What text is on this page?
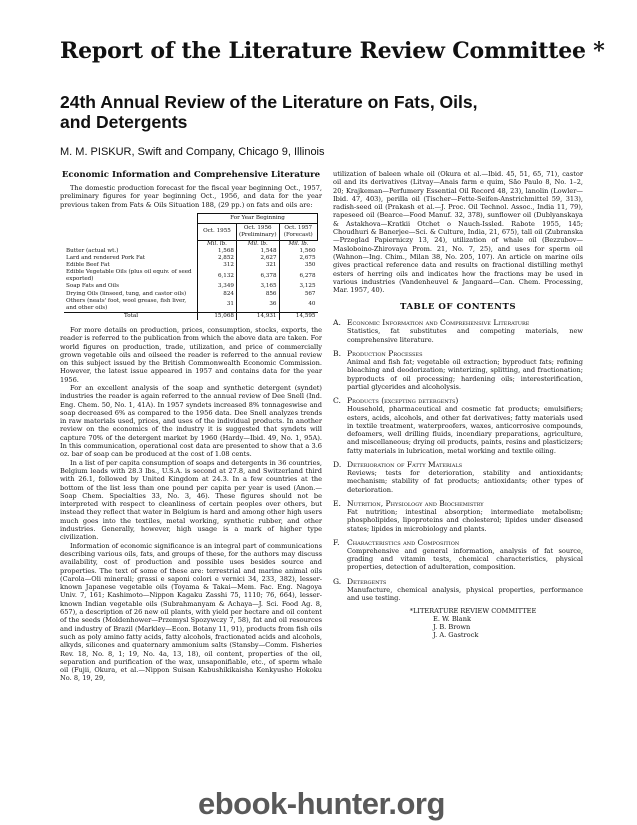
Report of the Literature Review Committee *
24th Annual Review of the Literature on Fats, Oils, and Detergents
M. M. PISKUR, Swift and Company, Chicago 9, Illinois
Economic Information and Comprehensive Literature

The domestic production forecast for the fiscal year beginning Oct., 1957, preliminary figures for year beginning Oct., 1956, and data for the year previous taken from Fats & Oils Situation 188, (29 pp.) on fats and oils are:

	For Year Beginning		
	Oct. 1955	Oct. 1956 (Preliminary)	Oct. 1957 (Forecast)
	Mil. lb.	Mil. lb.	Mil. lb.
Butter (actual wt.)	1,568	1,548	1,560
Lard and rendered Pork Fat	2,852	2,627	2,675
Edible Beef Fat	312	321	350
Edible Vegetable Oils (plus oil equiv. of seed exported)	6,132	6,378	6,278
Soap Fats and Oils	3,349	3,165	3,125
Drying Oils (linseed, tung, and castor oils)	824	856	567
Others (neats' foot, wool grease, fish liver, and other oils)	31	36	40
Total	15,068	14,931	14,595

For more details on production, prices, consumption, stocks, exports, the reader is referred to the publication from which the above data are taken. For world figures on production, trade, utilization, and price of commercially grown vegetable oils and oilseed the reader is referred to the annual review on this subject issued by the British Commonwealth Economic Commission. However, the latest issue appeared in 1957 and contains data for the year 1956.

For an excellent analysis of the soap and synthetic detergent (syndet) industries the reader is again referred to the annual review of Dee Snell (Ind. Eng. Chem. 50, No. 1, 41A). In 1957 syndets increased 8% tonnageswise and soap decreased 6% as compared to the 1956 data. Dee Snell analyzes trends in raw materials used, prices, and uses of the individual products. In another review on the economics of the industry it is suggested that syndets will capture 70% of the detergent market by 1960 (Hardy—Ibid. 49, No. 1, 95A). In this communication, operational cost data are presented to show that a 3.6 oz. bar of soap can be produced at the cost of 1.08 cents.

In a list of per capita consumption of soaps and detergents in 36 countries, Belgium leads with 28.3 lbs., U.S.A. is second at 27.8, and Switzerland third with 26.1, followed by United Kingdom at 24.3. In a few countries at the bottom of the list less than one pound per capita per year is used (Anon.—Soap Chem. Specialties 33, No. 3, 46). These figures should not be interpreted with respect to cleanliness of certain peoples over others, but instead they reflect that water in Belgium is hard and among other high users much goes into the textiles, metal working, synthetic rubber, and other industries. Generally, however, high usage is a mark of higher type civilization.

Information of economic significance is an integral part of communications describing various oils, fats, and groups of these, for the authors may discuss availability, cost of production and possible uses besides source and properties. The text of some of these are: terrestrial and marine animal oils (Carola—Oli minerali; grassi e saponi colori e vernici 34, 233, 382), lesser-known Japanese vegetable oils (Toyama & Takai—Mem. Fac. Eng. Nagoya Univ. 7, 161; Kashimoto—Nippon Kagaku Zasshi 75, 1110; 76, 664), lesser-known Indian vegetable oils (Subrahmanyam & Achaya—J. Sci. Food Ag. 8, 657), a description of 26 new oil plants, with yield per hectare and oil content of the seeds (Moldenhower—Przemysl Spozywczy 7, 58), fat and oil resources and industry of Brazil (Markley—Econ. Botany 11, 91), products from fish oils such as poly amino fatty acids, fatty alcohols, fractionated acids and alcohols, alkyds, silicones and quaternary ammonium salts (Stansby—Comm. Fisheries Rev. 18, No. 8, 1; 19, No. 4a, 13, 18), oil content, properties of the oil, separation and purification of the wax, unsaponifiable, etc., of sperm whale oil (Fujii, Okura, et al.—Nippon Suisan Kabushikikaisha Kenkyusho Hokoku No. 8, 19, 29,

utilization of baleen whale oil (Okura et al.—Ibid. 45, 51, 65, 71), castor oil and its derivatives (Litvay—Anais farm e quim, São Paulo 8, No. 1–2, 20; Krajkeman—Perfumery Essential Oil Record 48, 23), lanolin (Lowler—Ibid. 47, 403), perilla oil (Tischer—Fette-Seifen-Anstrichmittel 59, 313), radish-seed oil (Prakash et al.—J. Proc. Oil Technol. Assoc., India 11, 79), rapeseed oil (Bearce—Food Manuf. 32, 378), sunflower oil (Dublyanskaya & Astakhova—Kratkii Otchet o Nauch-Issled. Rabote 1955, 145; Choudhuri & Banerjee—Sci. & Culture, India, 21, 675), tall oil (Zubranska—Przeglad Papierniczy 13, 24), utilization of whale oil (Bezzubov—Masloboino-Zhirovaya Prom. 21, No. 7, 25), and uses for sperm oil (Wahnon—Ing. Chim., Milan 38, No. 205, 107). An article on marine oils gives practical reference data and results on fractional distilling methyl esters of herring oils and indicates how the fractions may be used in various industries (Vandenheuvel & Jangaard—Can. Chem. Processing, Mar. 1957, 40).

TABLE OF CONTENTS
A. Economic Information and Comprehensive Literature
Statistics, fat substitutes and competing materials, new comprehensive literature.
B. Production Processes
Animal and fish fat; vegetable oil extraction; byproduct fats; refining bleaching and deodorization; winterizing, splitting, and fractionation; byproducts of oil processing; hardening oils; interesterification, partial glycerides and alcoholysis.
C. Products (excepting detergents)
Household, pharmaceutical and cosmetic fat products; emulsifiers; esters, acids, alcohols, and other fat derivatives; fatty materials used in textile treatment, waterproofers, waxes, anticorrosive compounds, defoamers, well drilling fluids, incendiary preparations, agriculture, and miscellaneous; drying oil products, paints, resins and plasticizers; fatty materials in lubrication, metal working and textile oiling.
D. Deterioration of Fatty Materials
Reviews; tests for deterioration, stability and antioxidants; mechanism; stability of fat products; antioxidants; other types of deterioration.
E. Nutrition, Physiology and Biochemistry
Fat nutrition; intestinal absorption; intermediate metabolism; phospholipides, lipoproteins and cholesterol; lipides under diseased states; lipides in microbiology and plants.
F. Characteristics and Composition
Comprehensive and general information, analysis of fat source, grading and vitamin tests, chemical characteristics, physical properties, detection of adulteration, composition.
G. Detergents
Manufacture, chemical analysis, physical properties, performance and use testing.
*LITERATURE REVIEW COMMITTEE
E. W. Blank
J. B. Brown
J. A. Gastrock
ebook-hunter.org
